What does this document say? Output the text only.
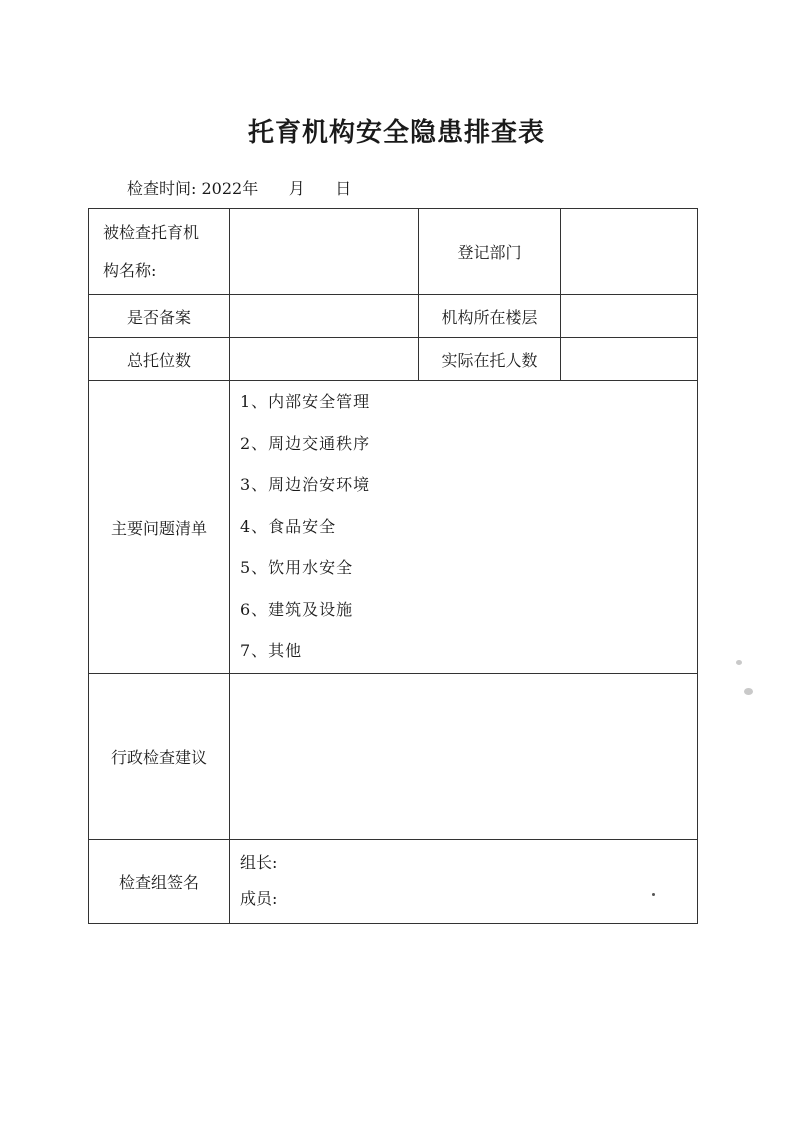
托育机构安全隐患排查表
检查时间: 2022年 月 日
被检查托育机
构名称:
登记部门
是否备案	机构所在楼层
总托位数	实际在托人数
主要问题清单
1、内部安全管理
2、周边交通秩序
3、周边治安环境
4、食品安全
5、饮用水安全
6、建筑及设施
7、其他
行政检查建议
检查组签名
组长:
成员:
